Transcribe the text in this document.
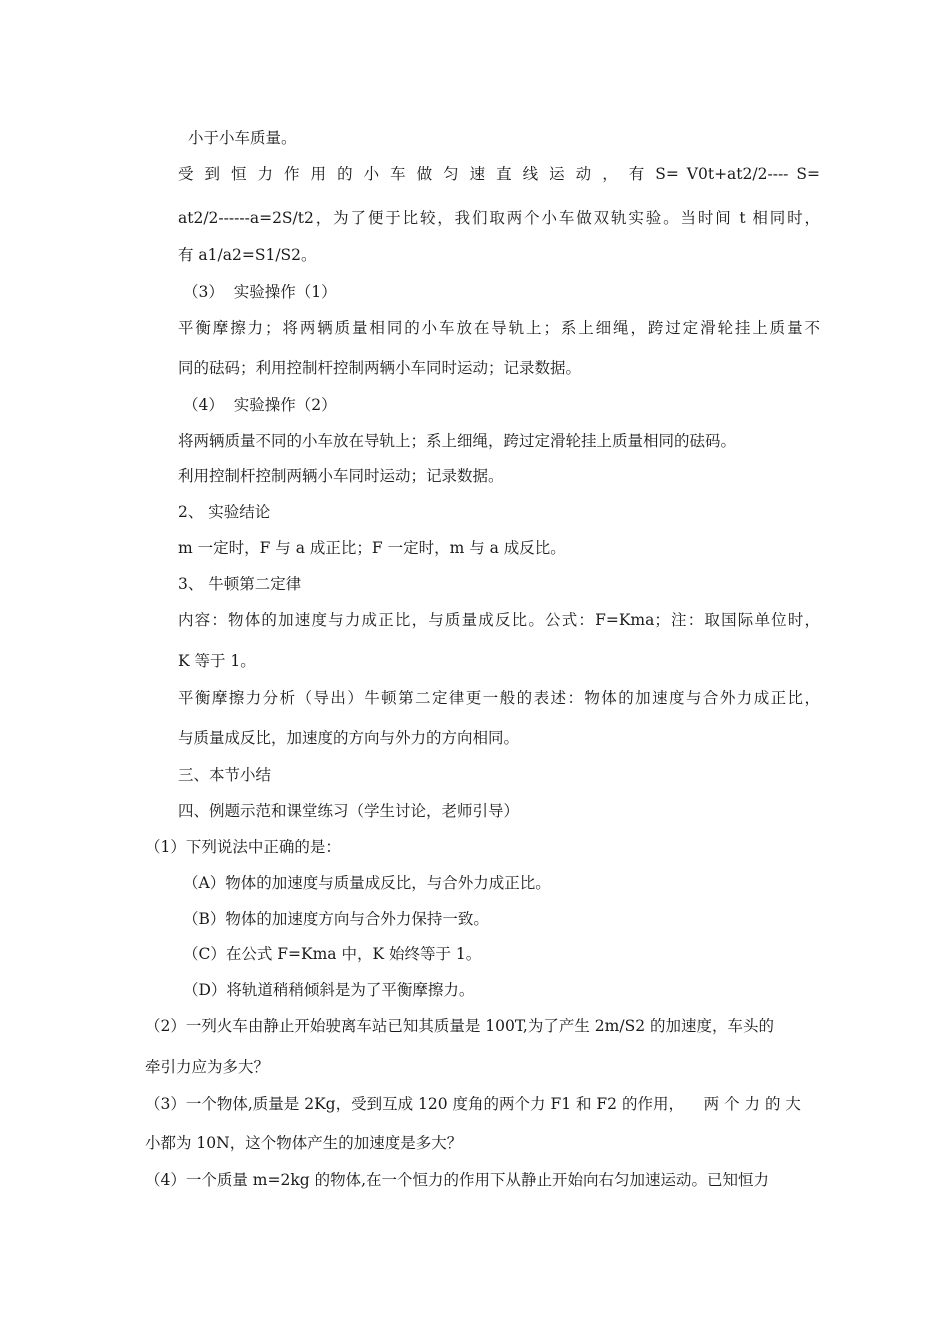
小于小车质量。
受 到 恒 力 作 用 的 小 车 做 匀 速 直 线 运 动 ， 有 S= V0t+at2/2---- S=
at2/2------a=2S/t2，为了便于比较，我们取两个小车做双轨实验。当时间 t 相同时，
有 a1/a2=S1/S2。
（3）  实验操作（1）
平衡摩擦力；将两辆质量相同的小车放在导轨上；系上细绳，跨过定滑轮挂上质量不
同的砝码；利用控制杆控制两辆小车同时运动；记录数据。
（4）  实验操作（2）
将两辆质量不同的小车放在导轨上；系上细绳，跨过定滑轮挂上质量相同的砝码。
利用控制杆控制两辆小车同时运动；记录数据。
2、 实验结论
m 一定时，F 与 a 成正比；F 一定时，m 与 a 成反比。
3、 牛顿第二定律
内容：物体的加速度与力成正比，与质量成反比。公式：F=Kma；注：取国际单位时，
K 等于 1。
平衡摩擦力分析（导出）牛顿第二定律更一般的表述：物体的加速度与合外力成正比，
与质量成反比，加速度的方向与外力的方向相同。
三、本节小结
四、例题示范和课堂练习（学生讨论，老师引导）
（1）下列说法中正确的是：
（A）物体的加速度与质量成反比，与合外力成正比。
（B）物体的加速度方向与合外力保持一致。
（C）在公式 F=Kma 中，K 始终等于 1。
（D）将轨道稍稍倾斜是为了平衡摩擦力。
（2）一列火车由静止开始驶离车站已知其质量是 100T,为了产生 2m/S2 的加速度，车头的
牵引力应为多大？
（3）一个物体,质量是 2Kg，受到互成 120 度角的两个力 F1 和 F2 的作用，    两 个 力 的 大
小都为 10N，这个物体产生的加速度是多大？
（4）一个质量 m=2kg 的物体,在一个恒力的作用下从静止开始向右匀加速运动。已知恒力
